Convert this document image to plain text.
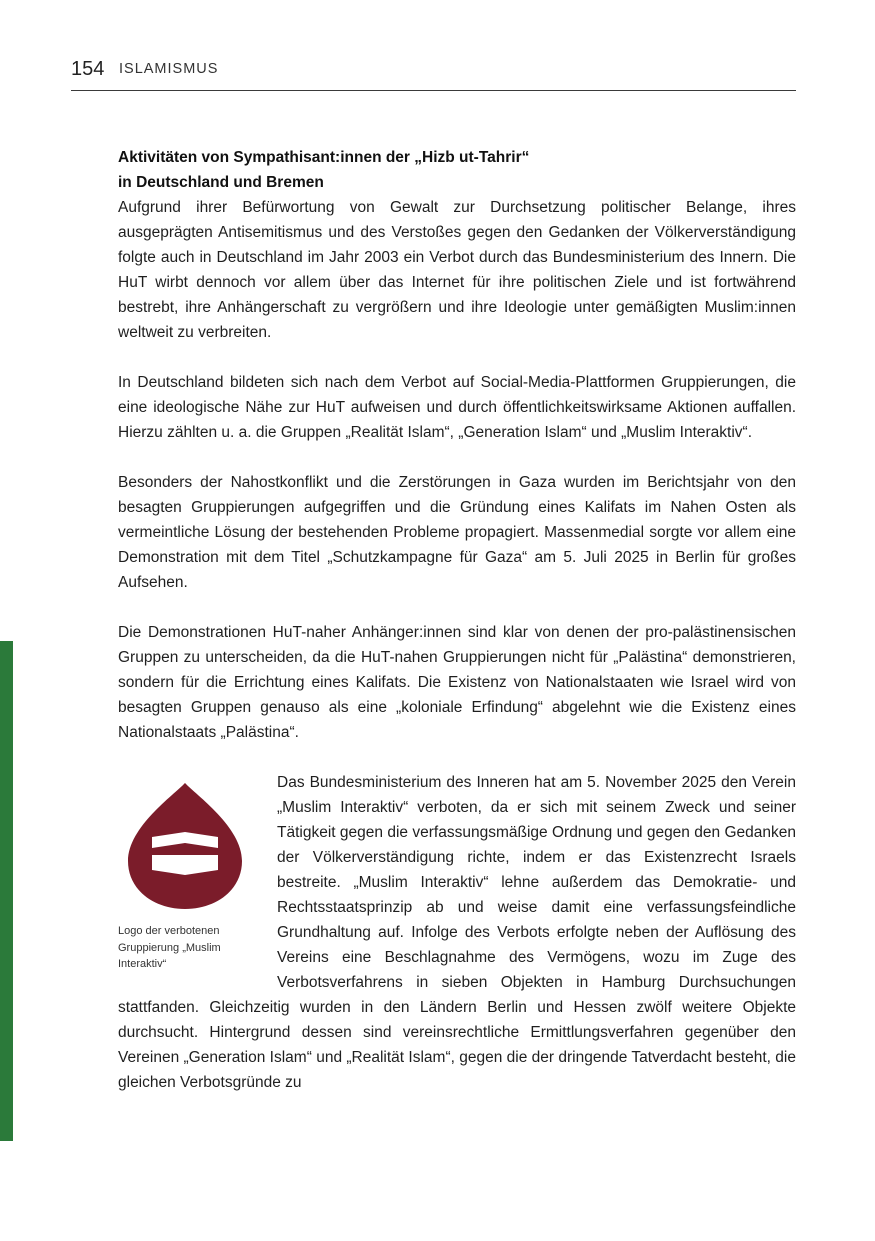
154 ISLAMISMUS
Aktivitäten von Sympathisant:innen der „Hizb ut-Tahrir“
in Deutschland und Bremen

Aufgrund ihrer Befürwortung von Gewalt zur Durchsetzung politischer Belange, ihres ausgeprägten Antisemitismus und des Verstoßes gegen den Gedanken der Völkerverständigung folgte auch in Deutschland im Jahr 2003 ein Verbot durch das Bundesministerium des Innern. Die HuT wirbt dennoch vor allem über das Internet für ihre politischen Ziele und ist fortwährend bestrebt, ihre Anhängerschaft zu vergrößern und ihre Ideologie unter gemäßigten Muslim:innen weltweit zu verbreiten.

In Deutschland bildeten sich nach dem Verbot auf Social-Media-Plattformen Gruppierungen, die eine ideologische Nähe zur HuT aufweisen und durch öffentlichkeitswirksame Aktionen auffallen. Hierzu zählten u. a. die Gruppen „Realität Islam“, „Generation Islam“ und „Muslim Interaktiv“.

Besonders der Nahostkonflikt und die Zerstörungen in Gaza wurden im Berichtsjahr von den besagten Gruppierungen aufgegriffen und die Gründung eines Kalifats im Nahen Osten als vermeintliche Lösung der bestehenden Probleme propagiert. Massenmedial sorgte vor allem eine Demonstration mit dem Titel „Schutzkampagne für Gaza“ am 5. Juli 2025 in Berlin für großes Aufsehen.

Die Demonstrationen HuT-naher Anhänger:innen sind klar von denen der pro-palästinensischen Gruppen zu unterscheiden, da die HuT-nahen Gruppierungen nicht für „Palästina“ demonstrieren, sondern für die Errichtung eines Kalifats. Die Existenz von Nationalstaaten wie Israel wird von besagten Gruppen genauso als eine „koloniale Erfindung“ abgelehnt wie die Existenz eines Nationalstaats „Palästina“.

Logo der verbotenen Gruppierung „Muslim Interaktiv“

Das Bundesministerium des Inneren hat am 5. November 2025 den Verein „Muslim Interaktiv“ verboten, da er sich mit seinem Zweck und seiner Tätigkeit gegen die verfassungsmäßige Ordnung und gegen den Gedanken der Völkerverständigung richte, indem er das Existenzrecht Israels bestreite. „Muslim Interaktiv“ lehne außerdem das Demokratie- und Rechtsstaatsprinzip ab und weise damit eine verfassungsfeindliche Grundhaltung auf. Infolge des Verbots erfolgte neben der Auflösung des Vereins eine Beschlagnahme des Vermögens, wozu im Zuge des Verbotsverfahrens in sieben Objekten in Hamburg Durchsuchungen stattfanden. Gleichzeitig wurden in den Ländern Berlin und Hessen zwölf weitere Objekte durchsucht. Hintergrund dessen sind vereinsrechtliche Ermittlungsverfahren gegenüber den Vereinen „Generation Islam“ und „Realität Islam“, gegen die der dringende Tatverdacht besteht, die gleichen Verbotsgründe zu
